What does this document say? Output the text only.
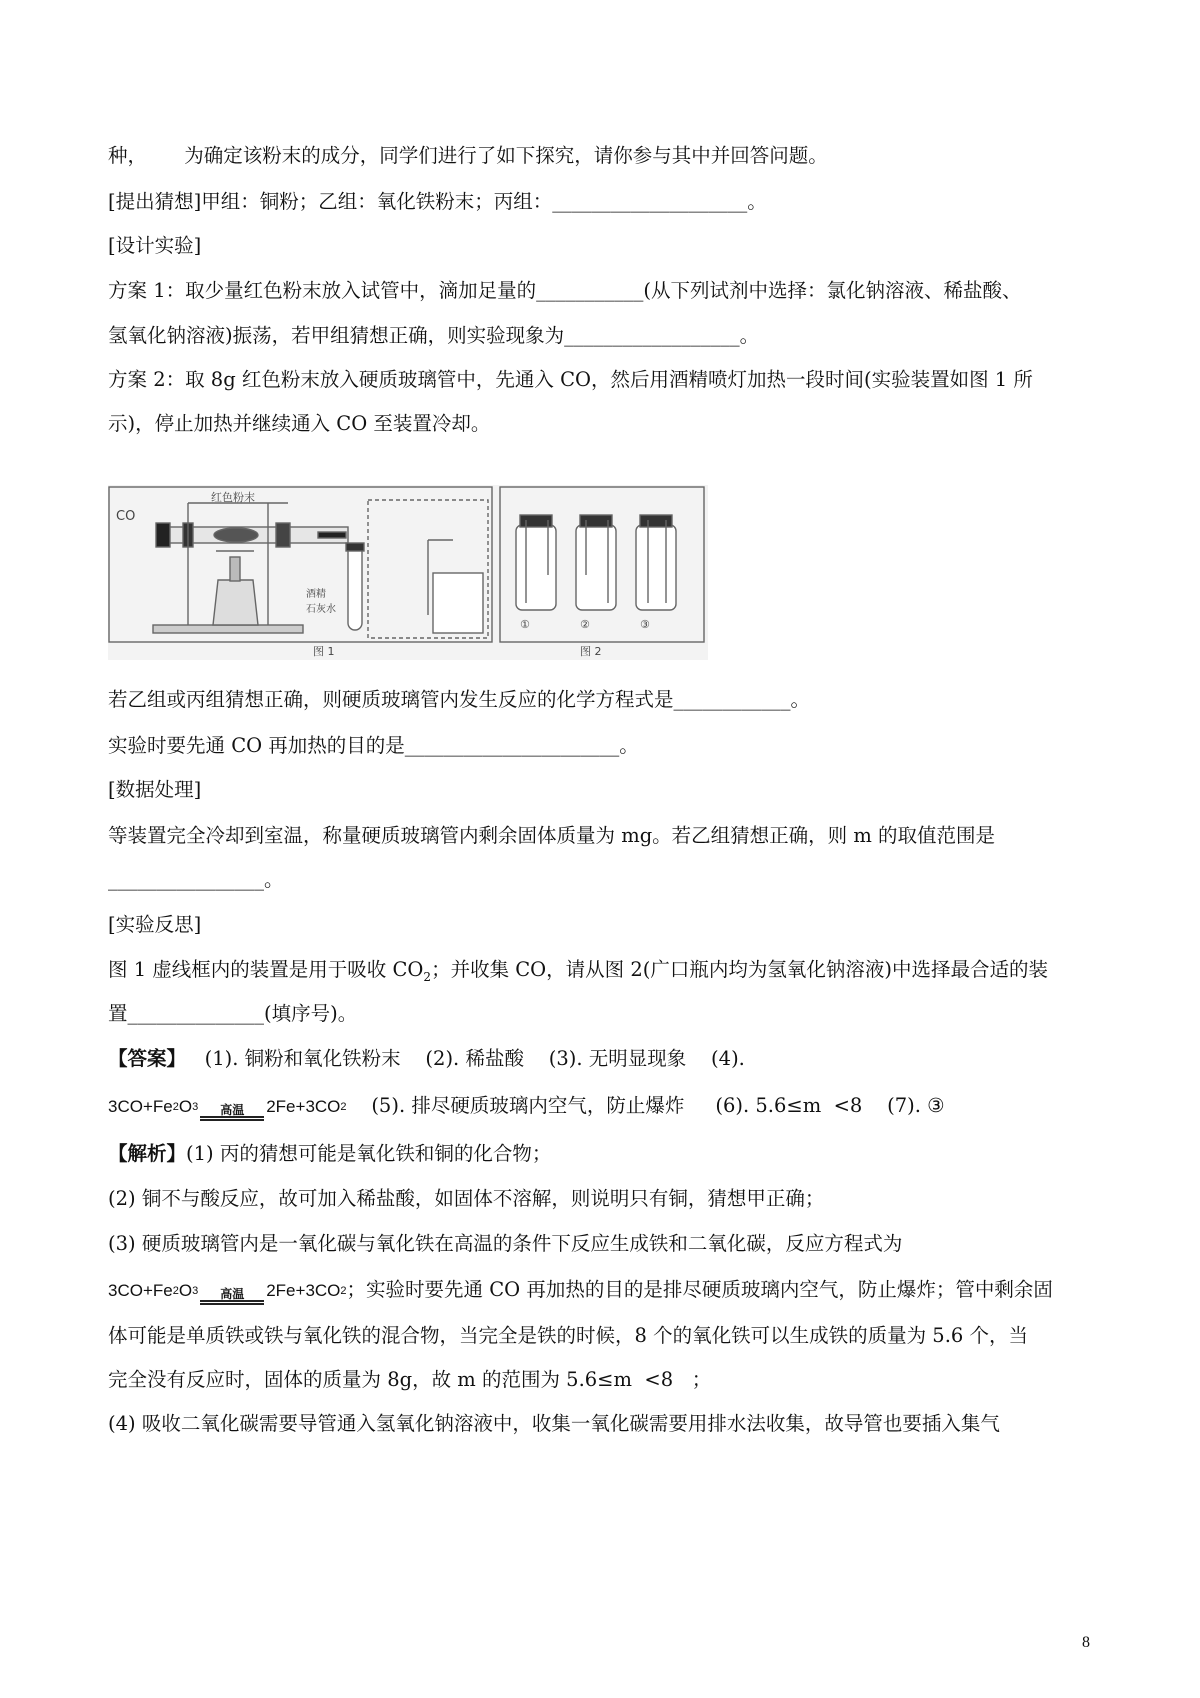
种，      为确定该粉末的成分，同学们进行了如下探究，请你参与其中并回答问题。
[提出猜想]甲组：铜粉；乙组：氧化铁粉末；丙组：____________________。
[设计实验]
方案 1：取少量红色粉末放入试管中，滴加足量的___________(从下列试剂中选择：氯化钠溶液、稀盐酸、
氢氧化钠溶液)振荡，若甲组猜想正确，则实验现象为__________________。
方案 2：取 8g 红色粉末放入硬质玻璃管中，先通入 CO，然后用酒精喷灯加热一段时间(实验装置如图 1 所
示)，停止加热并继续通入 CO 至装置冷却。
CO
红色粉末
酒精
石灰水
图 1
①	②	③
图 2
若乙组或丙组猜想正确，则硬质玻璃管内发生反应的化学方程式是____________。
实验时要先通 CO 再加热的目的是______________________。
[数据处理]
等装置完全冷却到室温，称量硬质玻璃管内剩余固体质量为 mg。若乙组猜想正确，则 m 的取值范围是
________________。
[实验反思]
图 1 虚线框内的装置是用于吸收 $CO_2$；并收集 CO，请从图 2(广口瓶内均为氢氧化钠溶液)中选择最合适的装
置______________(填序号)。
【答案】   (1). 铜粉和氧化铁粉末    (2). 稀盐酸    (3). 无明显现象    (4).
3CO+Fe 2 O 3 高温 2Fe+3CO 2 (5). 排尽硬质玻璃内空气，防止爆炸     (6). 5.6≤m  <8    (7). ③
【解析】(1) 丙的猜想可能是氧化铁和铜的化合物；
(2) 铜不与酸反应，故可加入稀盐酸，如固体不溶解，则说明只有铜，猜想甲正确；
(3) 硬质玻璃管内是一氧化碳与氧化铁在高温的条件下反应生成铁和二氧化碳，反应方程式为
3CO+Fe 2 O 3 高温 2Fe+3CO 2 ；实验时要先通 CO 再加热的目的是排尽硬质玻璃内空气，防止爆炸；管中剩余固
体可能是单质铁或铁与氧化铁的混合物，当完全是铁的时候，8 个的氧化铁可以生成铁的质量为 5.6 个，当
完全没有反应时，固体的质量为 8g，故 m 的范围为 5.6≤m  <8   ；
(4) 吸收二氧化碳需要导管通入氢氧化钠溶液中，收集一氧化碳需要用排水法收集，故导管也要插入集气
8
